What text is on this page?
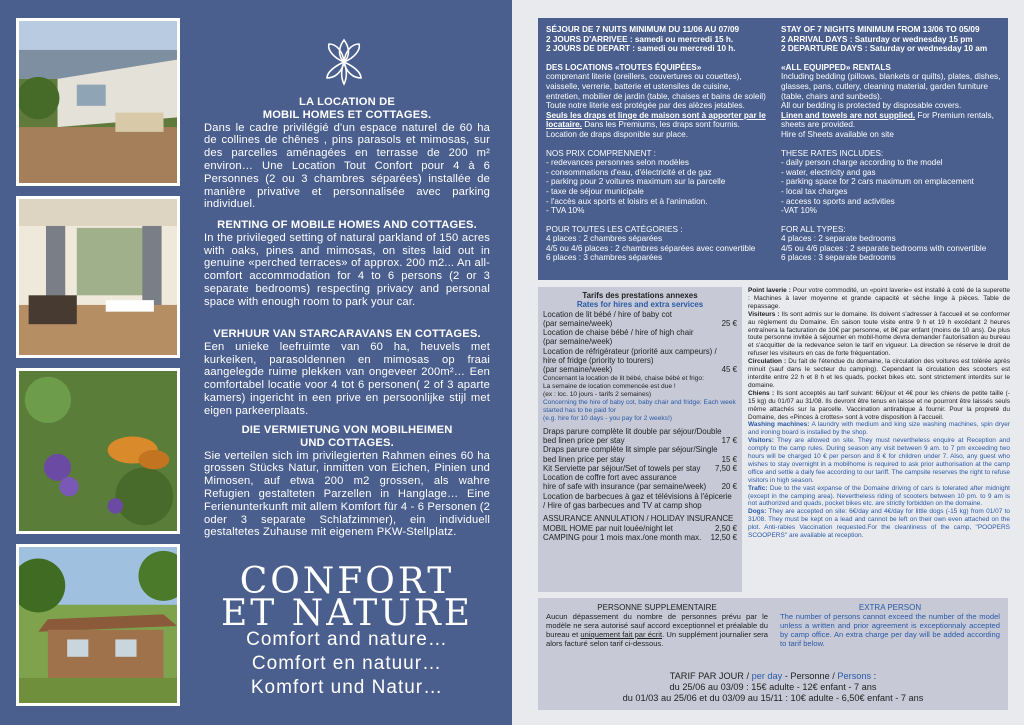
LA LOCATION DE
MOBIL HOMES ET COTTAGES.

Dans le cadre privilégié d'un espace naturel de 60 ha de collines de chênes , pins parasols et mimosas, sur des parcelles aménagées en terrasse de 200 m² environ… Une Location Tout Confort pour 4 à 6 Personnes (2 ou 3 chambres séparées) installée de manière privative et personnalisée avec parking individuel.

RENTING OF MOBILE HOMES AND COTTAGES.

In the privileged setting of natural parkland of 150 acres with oaks, pines and mimosas, on sites laid out in genuine «perched terraces» of approx. 200 m2... An all-comfort accommodation for 4 to 6 persons (2 or 3 separate bedrooms) respecting privacy and personal space with enough room to park your car.

VERHUUR VAN STARCARAVANS EN COTTAGES.

Een unieke leefruimte van 60 ha, heuvels met kurkeiken, parasoldennen en mimosas op fraai aangelegde ruime plekken van ongeveer 200m²… Een comfortabel locatie voor 4 tot 6 personen( 2 of 3 aparte kamers) ingericht in een prive en persoonlijke stijl met eigen parkeerplaats.

DIE VERMIETUNG VON MOBILHEIMEN
UND COTTAGES.

Sie verteilen sich im privilegierten Rahmen eines 60 ha grossen Stücks Natur, inmitten von Eichen, Pinien und Mimosen, auf etwa 200 m2 grossen, als wahre Refugien gestalteten Parzellen in Hanglage… Eine Ferienunterkunft mit allem Komfort für 4 - 6 Personen (2 oder 3 separate Schlafzimmer), ein individuell gestaltetes Zuhause mit eigenem PKW-Stellplatz.

CONFORT
ET NATURE
Comfort and nature…
Comfort en natuur…
Komfort und Natur…
SÉJOUR DE 7 NUITS MINIMUM DU 11/06 AU 07/09
2 JOURS D'ARRIVEE : samedi ou mercredi 15 h.
2 JOURS DE DEPART : samedi ou mercredi 10 h.
DES LOCATIONS «TOUTES ÉQUIPÉES»
comprenant literie (oreillers, couvertures ou couettes), vaisselle, verrerie, batterie et ustensiles de cuisine, entretien, mobilier de jardin (table, chaises et bains de soleil)
Toute notre literie est protégée par des alèzes jetables.
Seuls les draps et linge de maison sont à apporter par le locataire. Dans les Premiums, les draps sont fournis. Location de draps disponible sur place.
NOS PRIX COMPRENNENT :
- redevances personnes selon modèles
- consommations d'eau, d'électricité et de gaz
- parking pour 2 voitures maximum sur la parcelle
- taxe de séjour municipale
- l'accès aux sports et loisirs et à l'animation.
- TVA 10%
POUR TOUTES LES CATÉGORIES :
4 places : 2 chambres séparées
4/5 ou 4/6 places : 2 chambres séparées avec convertible
6 places : 3 chambres séparées
STAY OF 7 NIGHTS MINIMUM FROM 13/06 TO 05/09
2 ARRIVAL DAYS : Saturday or wednesday 15 pm
2 DEPARTURE DAYS : Saturday or wednesday 10 am
«ALL EQUIPPED» RENTALS
Including bedding (pillows, blankets or quilts), plates, dishes, glasses, pans, cutlery, cleaning material, garden furniture (table, chairs and sunbeds).
All our bedding is protected by disposable covers.
Linen and towels are not supplied. For Premium rentals, sheets are provided.
Hire of Sheets available on site
THESE RATES INCLUDES:
- daily person charge according to the model
- water, electricity and gas
- parking space for 2 cars maximum on emplacement
- local tax charges
- access to sports and activities
-VAT 10%
FOR ALL TYPES:
4 places : 2 separate bedrooms
4/5 ou 4/6 places : 2 separate bedrooms with convertible
6 places : 3 separate bedrooms
Tarifs des prestations annexes
Rates for hires and extra services
Location de lit bébé / hire of baby cot
(par semaine/week)	25 €
Location de chaise bébé / hire of high chair
(par semaine/week)
Location de réfrigérateur (priorité aux campeurs) /
hire of fridge (priority to tourers)
(par semaine/week)	45 €
Concernant la location de lit bébé, chaise bébé et frigo:
La semaine de location commencée est due !
(ex : loc. 10 jours - tarifs 2 semaines)
Concerning the hire of baby cot, baby chair and fridge: Each week started has to be paid for
(e.g. hire for 10 days - you pay for 2 weeks!)
Draps parure complète lit double par séjour/Double
bed linen price per stay	17 €
Draps parure complète lit simple par séjour/Single
bed linen price per stay	15 €
Kit Serviette par séjour/Set of towels per stay 7,50 €
Location de coffre fort avec assurance
hire of safe with insurance (par semaine/week) 20 €
Location de barbecues à gaz et télévisions à l'épicerie
/ Hire of gas barbecues and TV at camp shop
ASSURANCE ANNULATION / HOLIDAY INSURANCE
MOBIL HOME par nuit louée/night let	2,50 €
CAMPING pour 1 mois max./one month max. 12,50 €
Point laverie : Pour votre commodité, un «point laverie» est installé à coté de la superette : Machines à laver moyenne et grande capacité et sèche linge à pièces. Table de repassage.
Visiteurs : Ils sont admis sur le domaine. Ils doivent s'adresser à l'accueil et se conformer au règlement du Domaine. En saison toute visite entre 9 h et 19 h excédant 2 heures entraînera la facturation de 10€ par personne, et 8€ par enfant (moins de 10 ans). De plus toute personne invitée à séjourner en mobil-home devra demander l'autorisation au bureau et s'acquitter de la redevance selon le tarif en vigueur. La direction se réserve le droit de refuser les visiteurs en cas de forte fréquentation.
Circulation : Du fait de l'étendue du domaine, la circulation des voitures est tolérée après minuit (sauf dans le secteur du camping). Cependant la circulation des scooters est interdite entre 22 h et 8 h et les quads, pocket bikes etc. sont strictement interdits sur le domaine.
Chiens : Ils sont acceptés au tarif suivant: 6€/jour et 4€ pour les chiens de petite taille (- 15 kg) du 01/07 au 31/08. Ils devront être tenus en laisse et ne pourront être laissés seuls même attachés sur la parcelle. Vaccination antirabique à fournir. Pour la propreté du Domaine, des «Pinces à crottes» sont à votre disposition à l'accueil.
Washing machines: A laundry with medium and king size washing machines, spin dryer and ironing board is installed by the shop.
Visitors: They are allowed on site. They must nevertheless enquire at Reception and comply to the camp rules. During season any visit between 9 am. to 7 pm exceeding two hours will be charged 10 € per person and 8 € for children under 7. Also, any guest who wishes to stay overnight in a mobilhome is required to ask prior authorisation at the camp office and settle a daily fee according to our tariff. The campsite reserves the right to refuse visitors in high season.
Trafic: Due to the vast expanse of the Domaine driving of cars is tolerated after midnight (except in the camping area). Nevertheless riding of scooters between 10 pm. to 9 am is not authorized and quads, pocket bikes etc. are strictly forbidden on the domaine.
Dogs: They are accepted on site: 6€/day and 4€/day for little dogs (-15 kg) from 01/07 to 31/08. They must be kept on a lead and cannot be left on their own even attached on the plot. Anti-rabies Vaccination requested.For the cleanliness of the camp, "POOPERS SCOOPERS" are available at reception.
PERSONNE SUPPLEMENTAIRE
Aucun dépassement du nombre de personnes prévu par le modèle ne sera autorisé sauf accord exceptionnel et préalable du bureau et uniquement fait par écrit. Un supplément journalier sera alors facturé selon tarif ci-dessous.
EXTRA PERSON
The number of persons cannot exceed the number of the model unless a written and prior agreement is exceptionnaly accepted by camp office. An extra charge per day will be added according to tarif below.
TARIF PAR JOUR / per day - Personne / Persons :
du 25/06 au 03/09 : 15€ adulte - 12€ enfant - 7 ans
du 01/03 au 25/06 et du 03/09 au 15/11 : 10€ adulte - 6,50€ enfant - 7 ans
